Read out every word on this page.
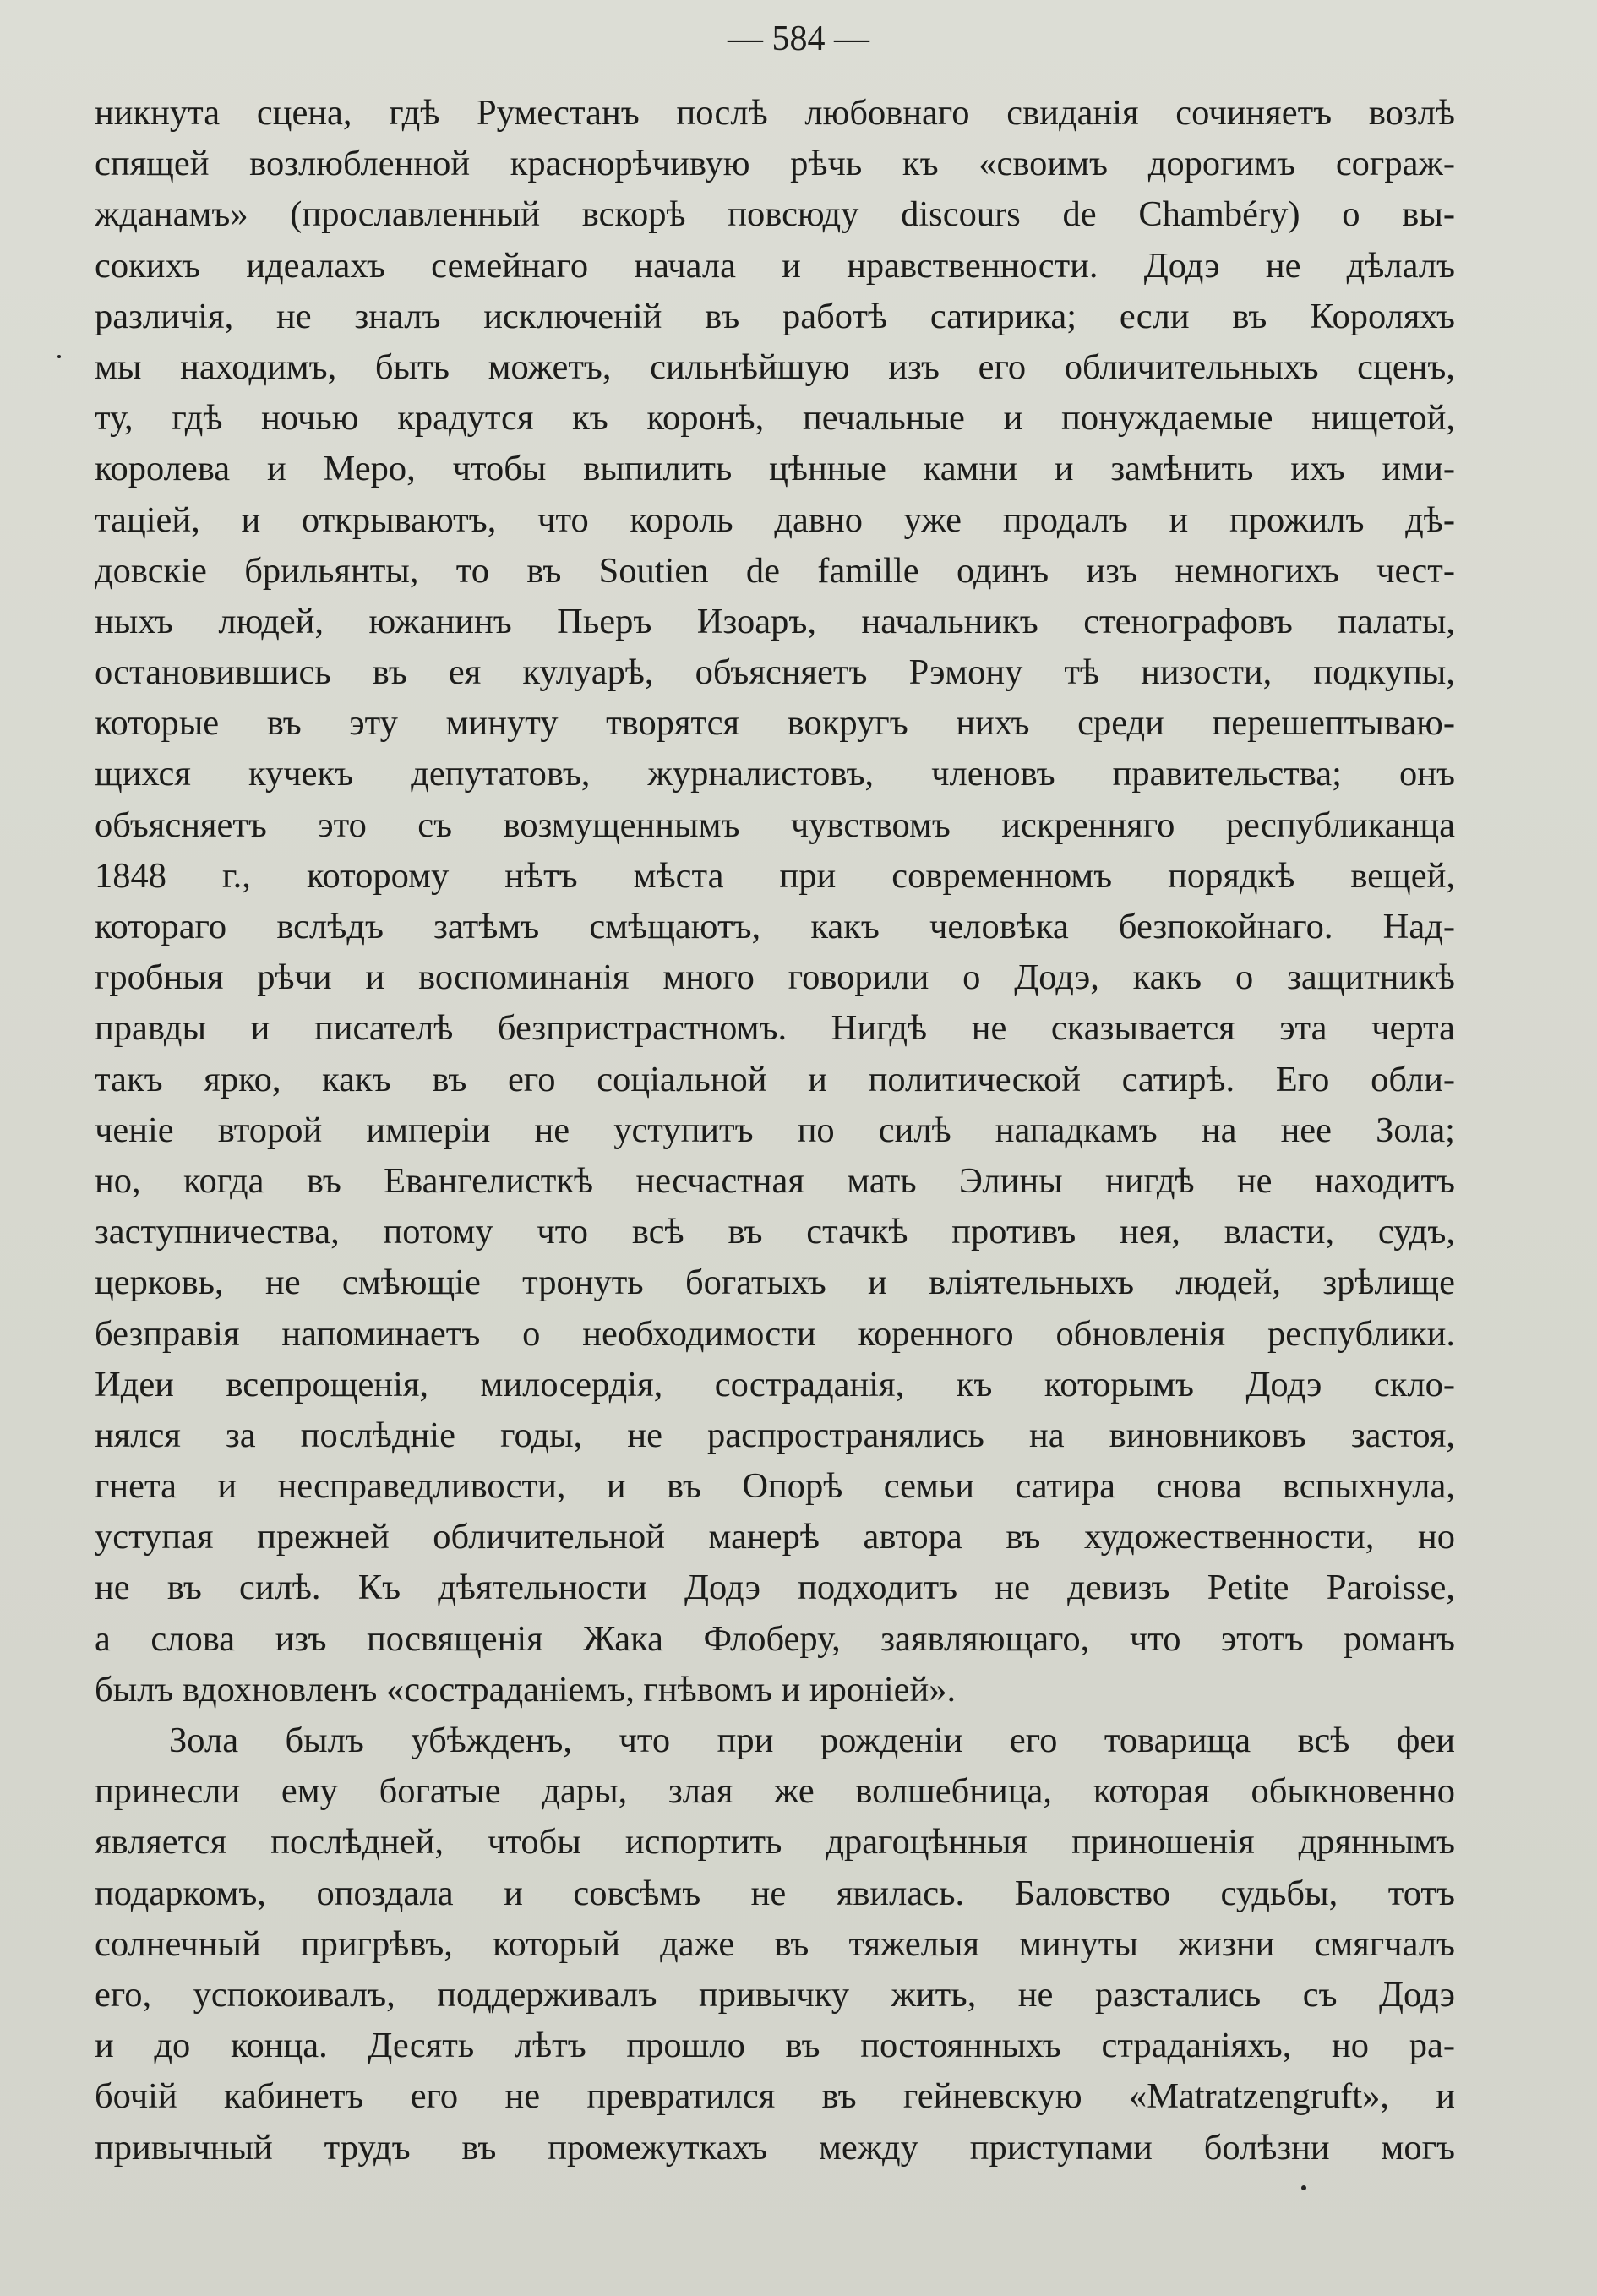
— 584 —
никнута сцена, гдѣ Руместанъ послѣ любовнаго свиданія сочиняетъ возлѣ
спящей возлюбленной краснорѣчивую рѣчь къ «своимъ дорогимъ сограж-
жданамъ» (прославленный вскорѣ повсюду discours de Chambéry) о вы-
сокихъ идеалахъ семейнаго начала и нравственности. Додэ не дѣлалъ
различія, не зналъ исключеній въ работѣ сатирика; если въ Короляхъ
мы находимъ, быть можетъ, сильнѣйшую изъ его обличительныхъ сценъ,
ту, гдѣ ночью крадутся къ коронѣ, печальные и понуждаемые нищетой,
королева и Меро, чтобы выпилить цѣнные камни и замѣнить ихъ ими-
таціей, и открываютъ, что король давно уже продалъ и прожилъ дѣ-
довскіе брильянты, то въ Soutien de famille одинъ изъ немногихъ чест-
ныхъ людей, южанинъ Пьеръ Изоаръ, начальникъ стенографовъ палаты,
остановившись въ ея кулуарѣ, объясняетъ Рэмону тѣ низости, подкупы,
которые въ эту минуту творятся вокругъ нихъ среди перешептываю-
щихся кучекъ депутатовъ, журналистовъ, членовъ правительства; онъ
объясняетъ это съ возмущеннымъ чувствомъ искренняго республиканца
1848 г., которому нѣтъ мѣста при современномъ порядкѣ вещей,
котораго вслѣдъ затѣмъ смѣщаютъ, какъ человѣка безпокойнаго. Над-
гробныя рѣчи и воспоминанія много говорили о Додэ, какъ о защитникѣ
правды и писателѣ безпристрастномъ. Нигдѣ не сказывается эта черта
такъ ярко, какъ въ его соціальной и политической сатирѣ. Его обли-
ченіе второй имперіи не уступитъ по силѣ нападкамъ на нее Зола;
но, когда въ Евангелисткѣ несчастная мать Элины нигдѣ не находитъ
заступничества, потому что всѣ въ стачкѣ противъ нея, власти, судъ,
церковь, не смѣющіе тронуть богатыхъ и вліятельныхъ людей, зрѣлище
безправія напоминаетъ о необходимости коренного обновленія республики.
Идеи всепрощенія, милосердія, состраданія, къ которымъ Додэ скло-
нялся за послѣдніе годы, не распространялись на виновниковъ застоя,
гнета и несправедливости, и въ Опорѣ семьи сатира снова вспыхнула,
уступая прежней обличительной манерѣ автора въ художественности, но
не въ силѣ. Къ дѣятельности Додэ подходитъ не девизъ Petite Paroisse,
а слова изъ посвященія Жака Флоберу, заявляющаго, что этотъ романъ
былъ вдохновленъ «состраданіемъ, гнѣвомъ и ироніей».
Зола былъ убѣжденъ, что при рожденіи его товарища всѣ феи
принесли ему богатые дары, злая же волшебница, которая обыкновенно
является послѣдней, чтобы испортить драгоцѣнныя приношенія дряннымъ
подаркомъ, опоздала и совсѣмъ не явилась. Баловство судьбы, тотъ
солнечный пригрѣвъ, который даже въ тяжелыя минуты жизни смягчалъ
его, успокоивалъ, поддерживалъ привычку жить, не разстались съ Додэ
и до конца. Десять лѣтъ прошло въ постоянныхъ страданіяхъ, но ра-
бочій кабинетъ его не превратился въ гейневскую «Matratzengruft», и
привычный трудъ въ промежуткахъ между приступами болѣзни могъ
